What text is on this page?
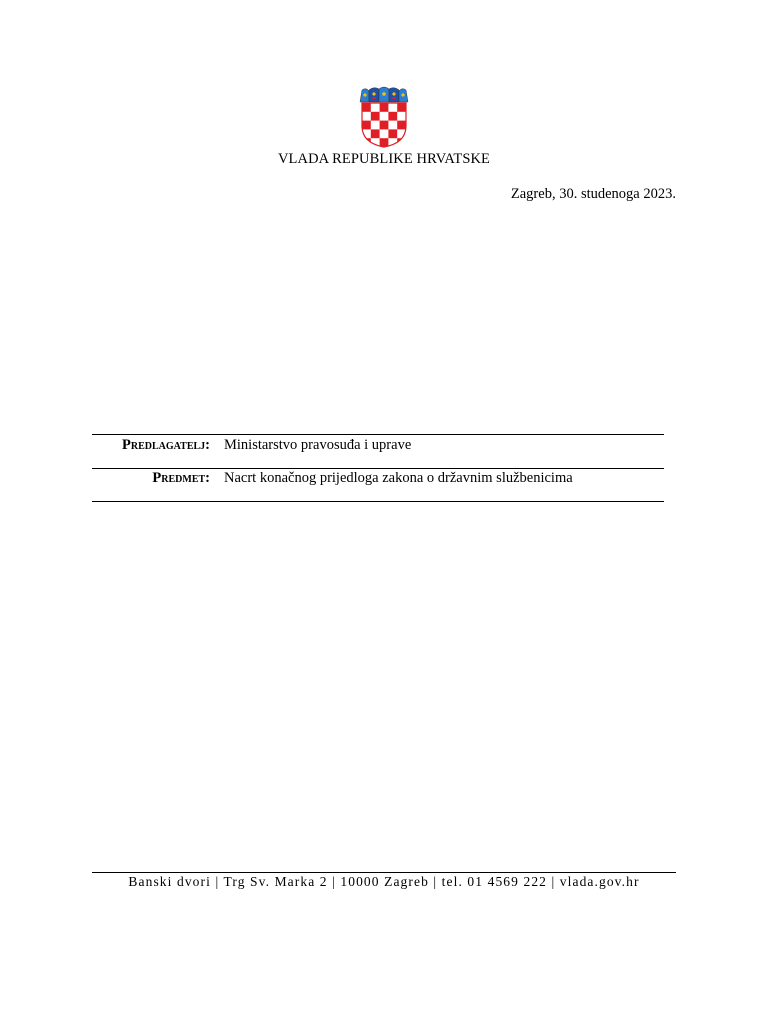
VLADA REPUBLIKE HRVATSKE
Zagreb, 30. studenoga 2023.
Predlagatelj: Ministarstvo pravosuđa i uprave
Predmet: Nacrt konačnog prijedloga zakona o državnim službenicima
Banski dvori | Trg Sv. Marka 2 | 10000 Zagreb | tel. 01 4569 222 | vlada.gov.hr
